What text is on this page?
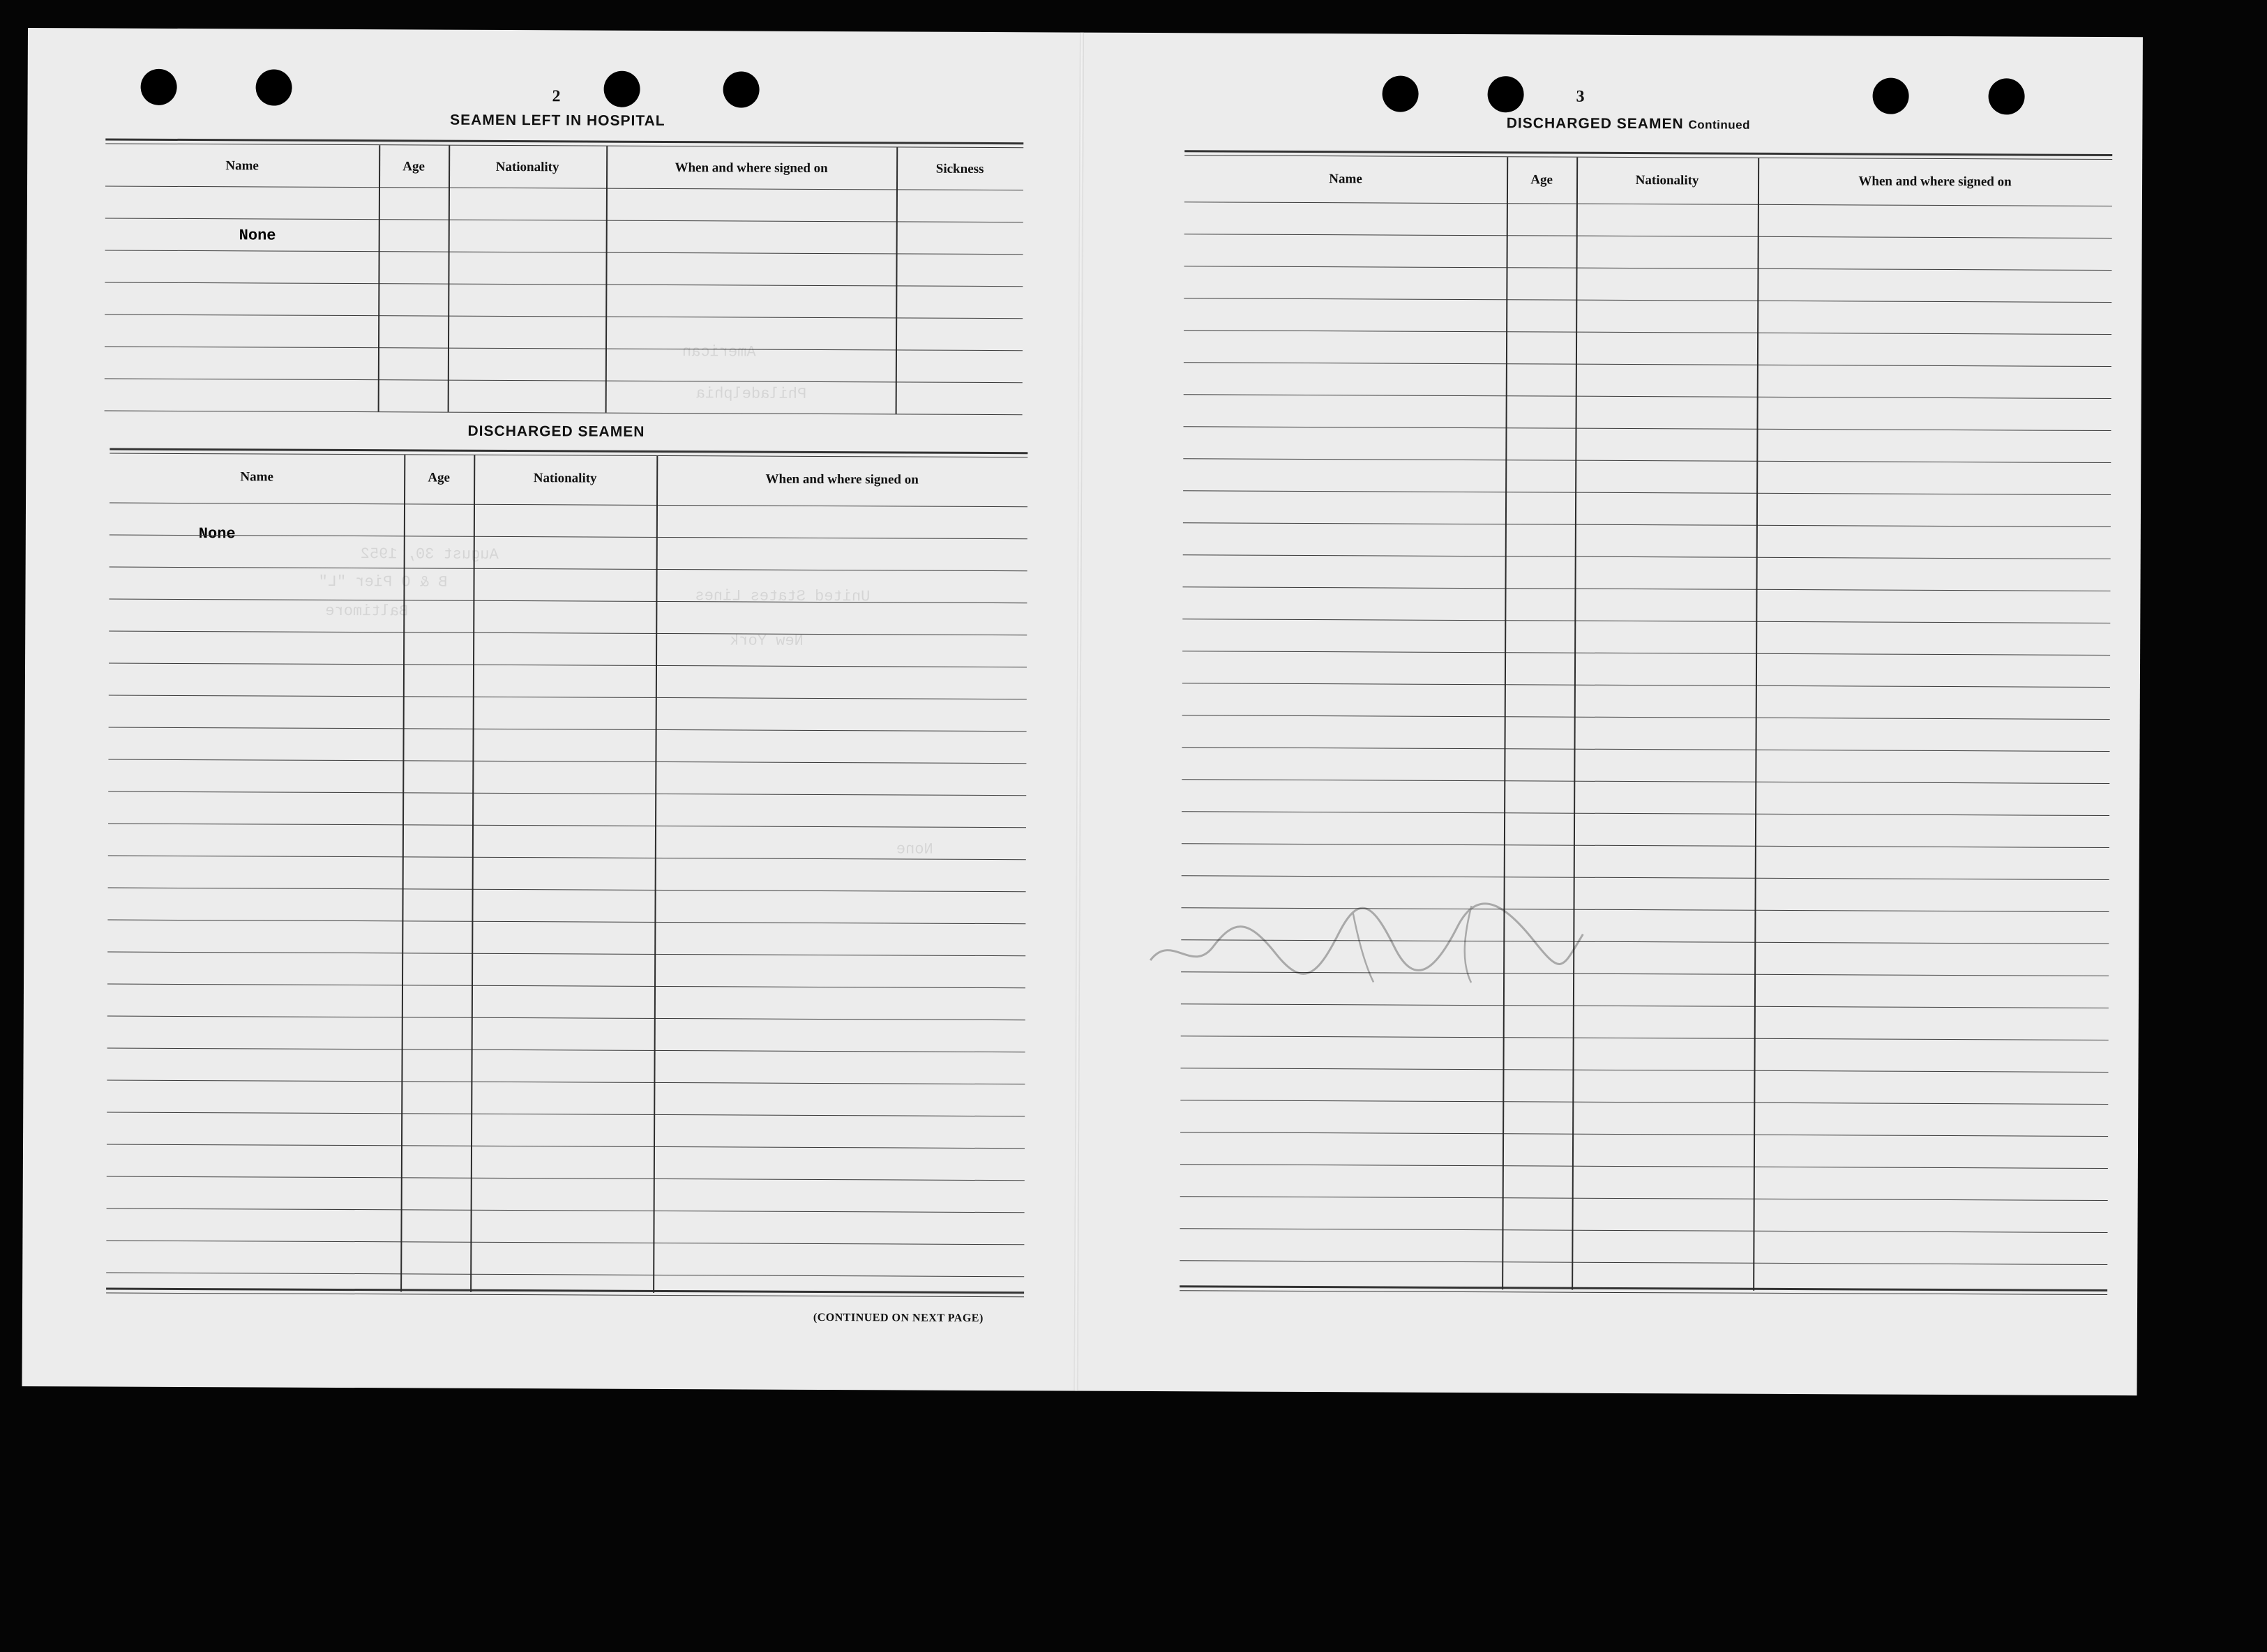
2
SEAMEN LEFT IN HOSPITAL
Name	Age	Nationality	When and where signed on	Sickness
None
DISCHARGED SEAMEN
Name	Age	Nationality	When and where signed on
None
(CONTINUED ON NEXT PAGE)
August 30, 1952
B & O Pier "L"
Baltimore
United States Lines
New York
None
American
Philadelphia
3
DISCHARGED SEAMEN Continued
Name	Age	Nationality	When and where signed on
